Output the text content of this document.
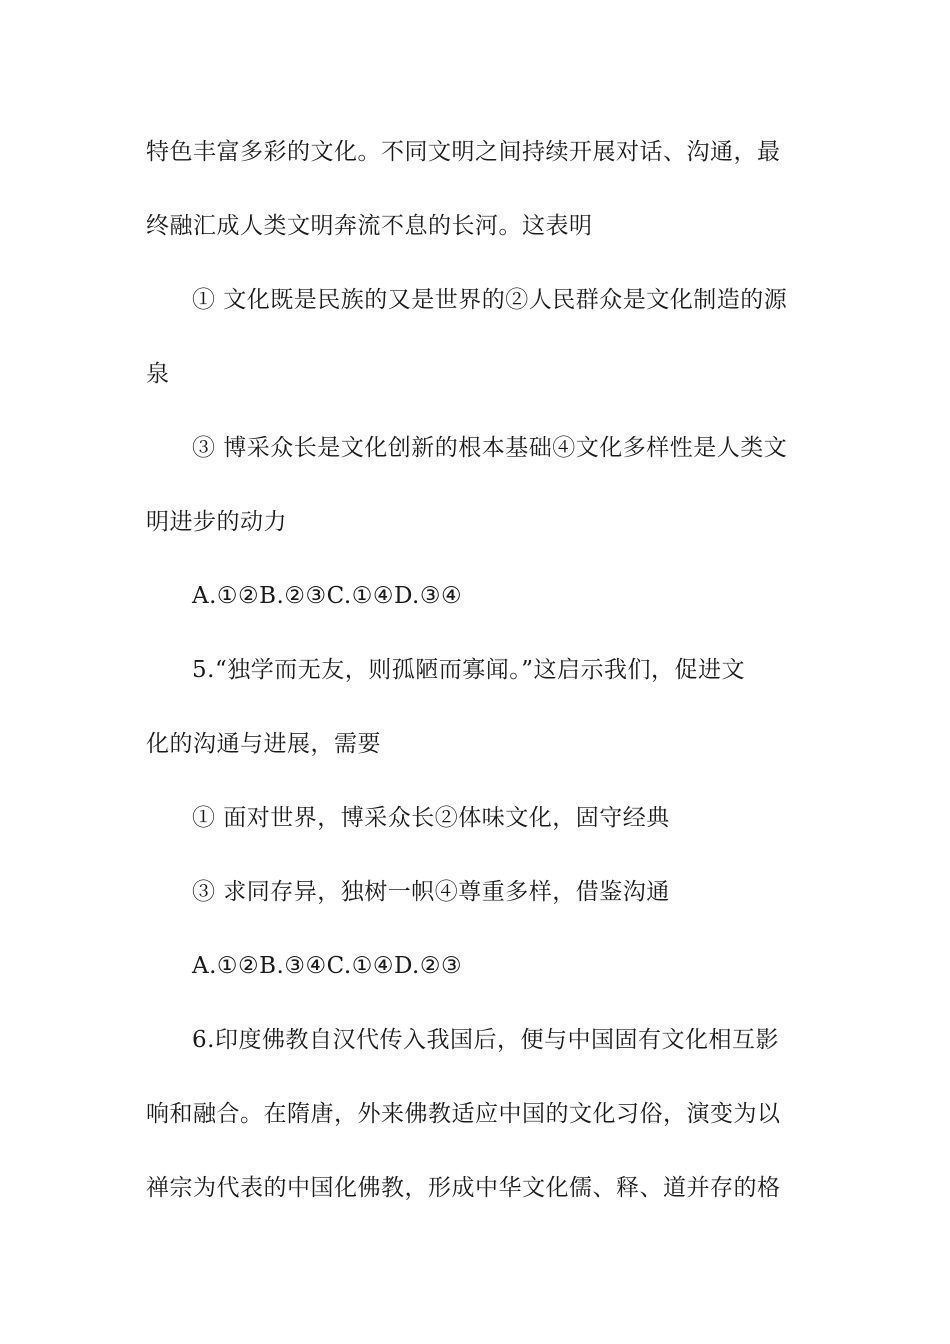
特色丰富多彩的文化。不同文明之间持续开展对话、沟通，最
终融汇成人类文明奔流不息的长河。这表明
① 文化既是民族的又是世界的②人民群众是文化制造的源
泉
③ 博采众长是文化创新的根本基础④文化多样性是人类文
明进步的动力
A.①②B.②③C.①④D.③④
5.“独学而无友，则孤陋而寡闻。”这启示我们，促进文
化的沟通与进展，需要
① 面对世界，博采众长②体味文化，固守经典
③ 求同存异，独树一帜④尊重多样，借鉴沟通
A.①②B.③④C.①④D.②③
6.印度佛教自汉代传入我国后，便与中国固有文化相互影
响和融合。在隋唐，外来佛教适应中国的文化习俗，演变为以
禅宗为代表的中国化佛教，形成中华文化儒、释、道并存的格
